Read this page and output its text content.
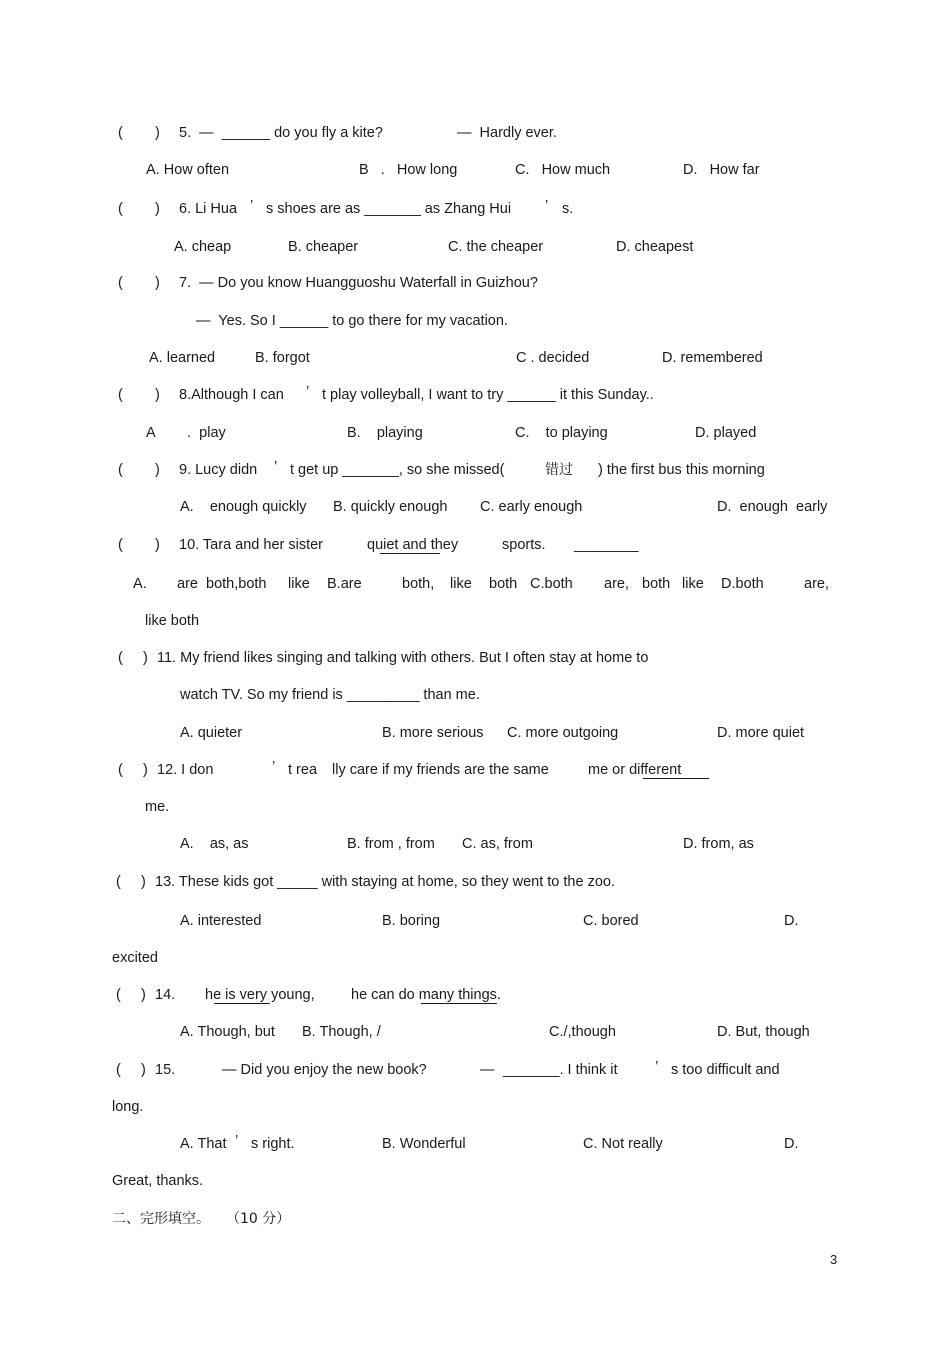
(        ) 5.  —  ______ do you fly a kite?	—  Hardly ever.
A. How often	B   .   How long	C.   How much	D.   How far
(        ) 6. Li Hua ’ s shoes are as _______ as Zhang Hui ’ s.
A. cheap	B. cheaper	C. the cheaper	D. cheapest
(        ) 7.  — Do you know Huangguoshu Waterfall in Guizhou?
—  Yes. So I ______ to go there for my vacation.
A. learned	B. forgot	C . decided	D. remembered
(        ) 8.Although I can ’ t play volleyball, I want to try ______ it this Sunday..
A        .  play	B.    playing	C.    to playing	D. played
(        ) 9. Lucy didn ’ t get up _______, so she missed(	错过 ) the first bus this morning
A.    enough quickly B. quickly enough C. early enough	D.  enough  early
(        ) 10. Tara and her sister	quiet and they	sports. ________
A. are  both,both like B.are	both, like both C.both are, both like D.both	are,
like both
(     ) 11. My friend likes singing and talking with others. But I often stay at home to
watch TV. So my friend is _________ than me.
A. quieter	B. more serious C. more outgoing	D. more quiet
(     ) 12. I don	’ t rea lly care if my friends are the same	me or different
me.
A.    as, as	B. from , from C. as, from	D. from, as
(     ) 13. These kids got _____ with staying at home, so they went to the zoo.
A. interested	B. boring	C. bored	D.
excited
(     ) 14. he is very young,	he can do many things.
A. Though, but B. Though, /	C./,though	D. But, though
(     ) 15.	— Did you enjoy the new book?	— _______. I think it	’ s too difficult and
long.
A. That ’ s right.	B. Wonderful	C. Not really	D.
Great, thanks.
二、完形填空。 （10 分）
3
